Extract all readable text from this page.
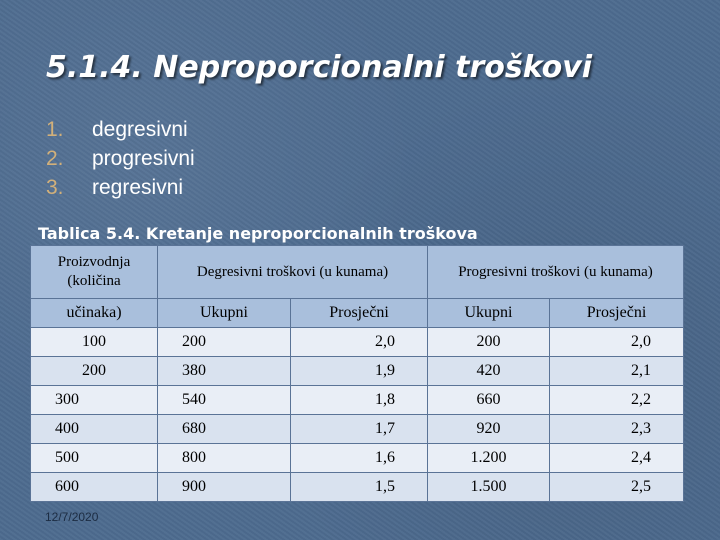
5.1.4. Neproporcionalni troškovi
1.	degresivni
2.	progresivni
3.	regresivni

Tablica 5.4. Kretanje neproporcionalnih troškova

Proizvodnja (količina	Degresivni troškovi (u kunama)		Progresivni troškovi (u kunama)	
učinaka)	Ukupni	Prosječni	Ukupni	Prosječni
100	200	2,0	200	2,0
200	380	1,9	420	2,1
300	540	1,8	660	2,2
400	680	1,7	920	2,3
500	800	1,6	1.200	2,4
600	900	1,5	1.500	2,5
12/7/2020
